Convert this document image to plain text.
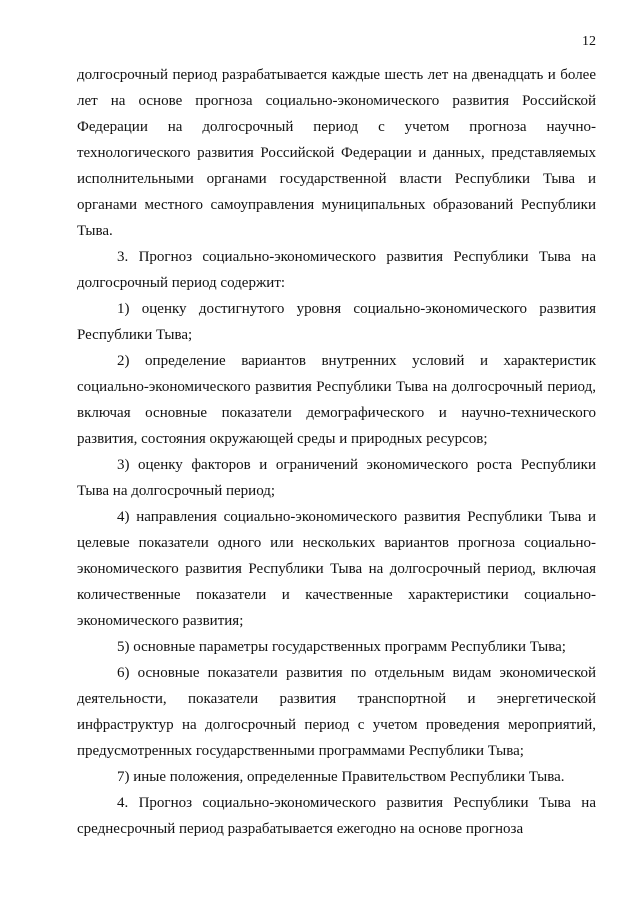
12

долгосрочный период разрабатывается каждые шесть лет на двенадцать и более лет на основе прогноза социально-экономического развития Российской Федерации на долгосрочный период с учетом прогноза научно-технологического развития Российской Федерации и данных, представляемых исполнительными органами государственной власти Республики Тыва и органами местного самоуправления муниципальных образований Республики Тыва.

3. Прогноз социально-экономического развития Республики Тыва на долгосрочный период содержит:

1) оценку достигнутого уровня социально-экономического развития Республики Тыва;

2) определение вариантов внутренних условий и характеристик социально-экономического развития Республики Тыва на долгосрочный период, включая основные показатели демографического и научно-технического развития, состояния окружающей среды и природных ресурсов;

3) оценку факторов и ограничений экономического роста Республики Тыва на долгосрочный период;

4) направления социально-экономического развития Республики Тыва и целевые показатели одного или нескольких вариантов прогноза социально-экономического развития Республики Тыва на долгосрочный период, включая количественные показатели и качественные характеристики социально-экономического развития;

5) основные параметры государственных программ Республики Тыва;

6) основные показатели развития по отдельным видам экономической деятельности, показатели развития транспортной и энергетической инфраструктур на долгосрочный период с учетом проведения мероприятий, предусмотренных государственными программами Республики Тыва;

7) иные положения, определенные Правительством Республики Тыва.

4. Прогноз социально-экономического развития Республики Тыва на среднесрочный период разрабатывается ежегодно на основе прогноза
